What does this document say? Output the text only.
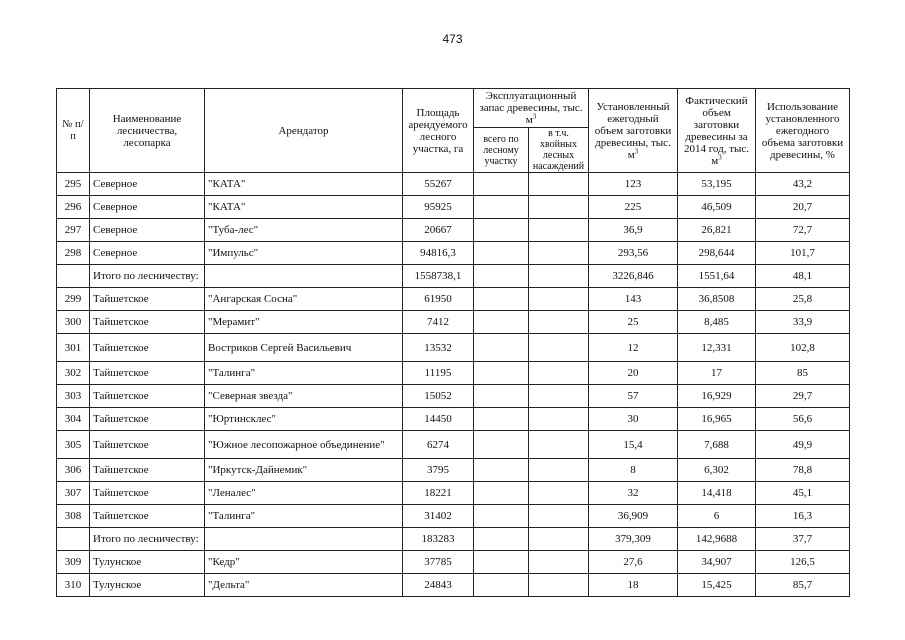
473
№ п/п	Наименование лесничества, лесопарка	Арендатор	Площадь арендуемого лесного участка, га	Эксплуатационный запас древесины, тыс. $м^3$		Установленный ежегодный объем заготовки древесины, тыс. $м^3$	Фактический объем заготовки древесины за 2014 год, тыс. $м^3$	Использование установленного ежегодного объема заготовки древесины, %
				всего по лесному участку	в т.ч. хвойных лесных насаждений			
295	Северное	"КАТА"	55267			123	53,195	43,2
296	Северное	"КАТА"	95925			225	46,509	20,7
297	Северное	"Туба-лес"	20667			36,9	26,821	72,7
298	Северное	"Импульс"	94816,3			293,56	298,644	101,7
	Итого по лесничеству:		1558738,1			3226,846	1551,64	48,1
299	Тайшетское	"Ангарская Сосна"	61950			143	36,8508	25,8
300	Тайшетское	"Мерамит"	7412			25	8,485	33,9
301	Тайшетское	Востриков Сергей Васильевич	13532			12	12,331	102,8
302	Тайшетское	"Талинга"	11195			20	17	85
303	Тайшетское	"Северная звезда"	15052			57	16,929	29,7
304	Тайшетское	"Юртинсклес"	14450			30	16,965	56,6
305	Тайшетское	"Южное лесопожарное объединение"	6274			15,4	7,688	49,9
306	Тайшетское	"Иркутск-Дайнемик"	3795			8	6,302	78,8
307	Тайшетское	"Леналес"	18221			32	14,418	45,1
308	Тайшетское	"Талинга"	31402			36,909	6	16,3
	Итого по лесничеству:		183283			379,309	142,9688	37,7
309	Тулунское	"Кедр"	37785			27,6	34,907	126,5
310	Тулунское	"Дельта"	24843			18	15,425	85,7
